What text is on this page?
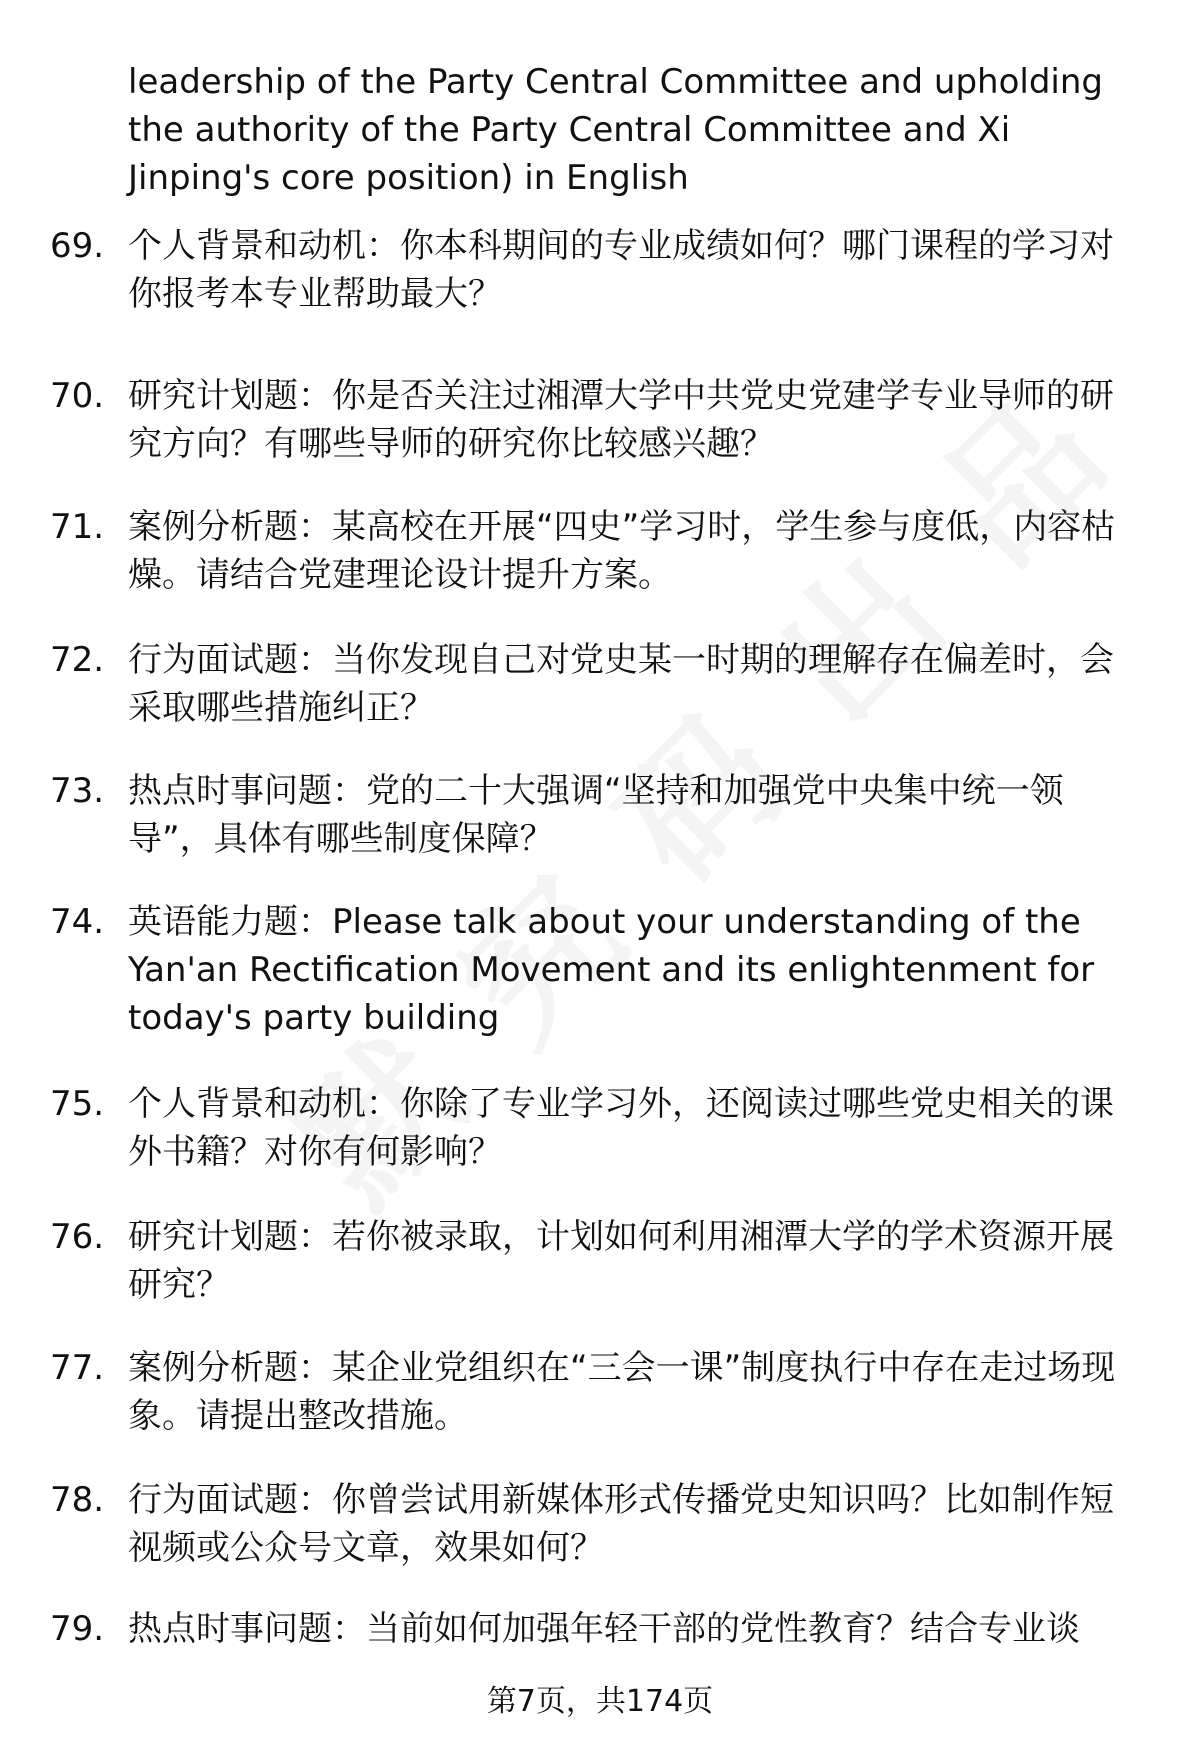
leadership of the Party Central Committee and upholding the authority of the Party Central Committee and Xi Jinping's core position) in English

69. 个人背景和动机：你本科期间的专业成绩如何？哪门课程的学习对你报考本专业帮助最大？

70. 研究计划题：你是否关注过湘潭大学中共党史党建学专业导师的研究方向？有哪些导师的研究你比较感兴趣？

71. 案例分析题：某高校在开展“四史”学习时，学生参与度低，内容枯燥。请结合党建理论设计提升方案。

72. 行为面试题：当你发现自己对党史某一时期的理解存在偏差时，会采取哪些措施纠正？

73. 热点时事问题：党的二十大强调“坚持和加强党中央集中统一领导”，具体有哪些制度保障？

74. 英语能力题：Please talk about your understanding of the Yan'an Rectification Movement and its enlightenment for today's party building

75. 个人背景和动机：你除了专业学习外，还阅读过哪些党史相关的课外书籍？对你有何影响？

76. 研究计划题：若你被录取，计划如何利用湘潭大学的学术资源开展研究？

77. 案例分析题：某企业党组织在“三会一课”制度执行中存在走过场现象。请提出整改措施。

78. 行为面试题：你曾尝试用新媒体形式传播党史知识吗？比如制作短视频或公众号文章，效果如何？

79. 热点时事问题：当前如何加强年轻干部的党性教育？结合专业谈

第7页，共174页
